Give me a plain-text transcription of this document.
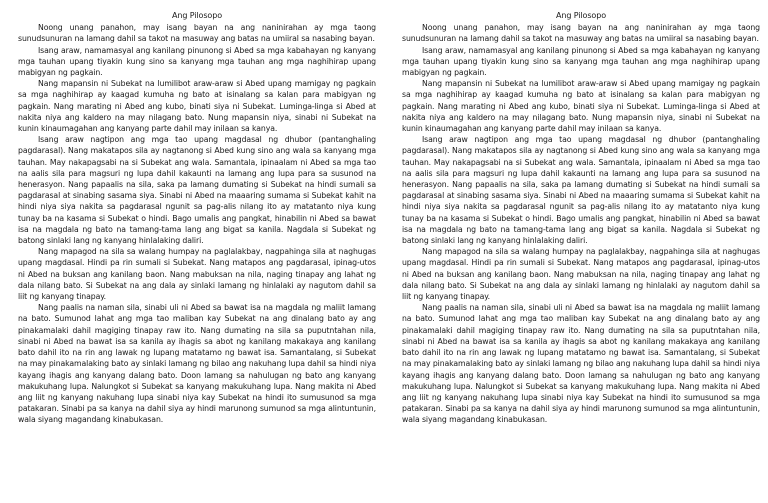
Ang Pilosopo

Noong unang panahon, may isang bayan na ang naninirahan ay mga taong sunudsunuran na lamang dahil sa takot na masuway ang batas na umiiral sa nasabing bayan.

Isang araw, namamasyal ang kanilang pinunong si Abed sa mga kabahayan ng kanyang mga tauhan upang tiyakin kung sino sa kanyang mga tauhan ang mga naghihirap upang mabigyan ng pagkain.

Nang mapansin ni Subekat na lumilibot araw-araw si Abed upang mamigay ng pagkain sa mga naghihirap ay kaagad kumuha ng bato at isinalang sa kalan para mabigyan ng pagkain. Nang marating ni Abed ang kubo, binati siya ni Subekat. Luminga-linga si Abed at nakita niya ang kaldero na may nilagang bato. Nung mapansin niya, sinabi ni Subekat na kunin kinaumagahan ang kanyang parte dahil may inilaan sa kanya.

Isang araw nagtipon ang mga tao upang magdasal ng dhubor (pantanghaling pagdarasal). Nang makatapos sila ay nagtanong si Abed kung sino ang wala sa kanyang mga tauhan. May nakapagsabi na si Subekat ang wala. Samantala, ipinaalam ni Abed sa mga tao na aalis sila para magsuri ng lupa dahil kakaunti na lamang ang lupa para sa susunod na henerasyon. Nang papaalis na sila, saka pa lamang dumating si Subekat na hindi sumali sa pagdarasal at sinabing sasama siya. Sinabi ni Abed na maaaring sumama si Subekat kahit na hindi niya siya nakita sa pagdarasal ngunit sa pag-alis nilang ito ay matatanto niya kung tunay ba na kasama si Subekat o hindi. Bago umalis ang pangkat, hinabilin ni Abed sa bawat isa na magdala ng bato na tamang-tama lang ang bigat sa kanila. Nagdala si Subekat ng batong sinlaki lang ng kanyang hinlalaking daliri.

Nang mapagod na sila sa walang humpay na paglalakbay, nagpahinga sila at naghugas upang magdasal. Hindi pa rin sumali si Subekat. Nang matapos ang pagdarasal, ipinag-utos ni Abed na buksan ang kanilang baon. Nang mabuksan na nila, naging tinapay ang lahat ng dala nilang bato. Si Subekat na ang dala ay sinlaki lamang ng hinlalaki ay nagutom dahil sa liit ng kanyang tinapay.

Nang paalis na naman sila, sinabi uli ni Abed sa bawat isa na magdala ng maliit lamang na bato. Sumunod lahat ang mga tao maliban kay Subekat na ang dinalang bato ay ang pinakamalaki dahil magiging tinapay raw ito. Nang dumating na sila sa puputntahan nila, sinabi ni Abed na bawat isa sa kanila ay ihagis sa abot ng kanilang makakaya ang kanilang bato dahil ito na rin ang lawak ng lupang matatamo ng bawat isa. Samantalang, si Subekat na may pinakamalaking bato ay sinlaki lamang ng bilao ang nakuhang lupa dahil sa hindi niya kayang ihagis ang kanyang dalang bato. Doon lamang sa nahulugan ng bato ang kanyang makukuhang lupa. Nalungkot si Subekat sa kanyang makukuhang lupa. Nang makita ni Abed ang liit ng kanyang nakuhang lupa sinabi niya kay Subekat na hindi ito sumusunod sa mga patakaran. Sinabi pa sa kanya na dahil siya ay hindi marunong sumunod sa mga alintuntunin, wala siyang magandang kinabukasan.

Ang Pilosopo

Noong unang panahon, may isang bayan na ang naninirahan ay mga taong sunudsunuran na lamang dahil sa takot na masuway ang batas na umiiral sa nasabing bayan.

Isang araw, namamasyal ang kanilang pinunong si Abed sa mga kabahayan ng kanyang mga tauhan upang tiyakin kung sino sa kanyang mga tauhan ang mga naghihirap upang mabigyan ng pagkain.

Nang mapansin ni Subekat na lumilibot araw-araw si Abed upang mamigay ng pagkain sa mga naghihirap ay kaagad kumuha ng bato at isinalang sa kalan para mabigyan ng pagkain. Nang marating ni Abed ang kubo, binati siya ni Subekat. Luminga-linga si Abed at nakita niya ang kaldero na may nilagang bato. Nung mapansin niya, sinabi ni Subekat na kunin kinaumagahan ang kanyang parte dahil may inilaan sa kanya.

Isang araw nagtipon ang mga tao upang magdasal ng dhubor (pantanghaling pagdarasal). Nang makatapos sila ay nagtanong si Abed kung sino ang wala sa kanyang mga tauhan. May nakapagsabi na si Subekat ang wala. Samantala, ipinaalam ni Abed sa mga tao na aalis sila para magsuri ng lupa dahil kakaunti na lamang ang lupa para sa susunod na henerasyon. Nang papaalis na sila, saka pa lamang dumating si Subekat na hindi sumali sa pagdarasal at sinabing sasama siya. Sinabi ni Abed na maaaring sumama si Subekat kahit na hindi niya siya nakita sa pagdarasal ngunit sa pag-alis nilang ito ay matatanto niya kung tunay ba na kasama si Subekat o hindi. Bago umalis ang pangkat, hinabilin ni Abed sa bawat isa na magdala ng bato na tamang-tama lang ang bigat sa kanila. Nagdala si Subekat ng batong sinlaki lang ng kanyang hinlalaking daliri.

Nang mapagod na sila sa walang humpay na paglalakbay, nagpahinga sila at naghugas upang magdasal. Hindi pa rin sumali si Subekat. Nang matapos ang pagdarasal, ipinag-utos ni Abed na buksan ang kanilang baon. Nang mabuksan na nila, naging tinapay ang lahat ng dala nilang bato. Si Subekat na ang dala ay sinlaki lamang ng hinlalaki ay nagutom dahil sa liit ng kanyang tinapay.

Nang paalis na naman sila, sinabi uli ni Abed sa bawat isa na magdala ng maliit lamang na bato. Sumunod lahat ang mga tao maliban kay Subekat na ang dinalang bato ay ang pinakamalaki dahil magiging tinapay raw ito. Nang dumating na sila sa puputntahan nila, sinabi ni Abed na bawat isa sa kanila ay ihagis sa abot ng kanilang makakaya ang kanilang bato dahil ito na rin ang lawak ng lupang matatamo ng bawat isa. Samantalang, si Subekat na may pinakamalaking bato ay sinlaki lamang ng bilao ang nakuhang lupa dahil sa hindi niya kayang ihagis ang kanyang dalang bato. Doon lamang sa nahulugan ng bato ang kanyang makukuhang lupa. Nalungkot si Subekat sa kanyang makukuhang lupa. Nang makita ni Abed ang liit ng kanyang nakuhang lupa sinabi niya kay Subekat na hindi ito sumusunod sa mga patakaran. Sinabi pa sa kanya na dahil siya ay hindi marunong sumunod sa mga alintuntunin, wala siyang magandang kinabukasan.
